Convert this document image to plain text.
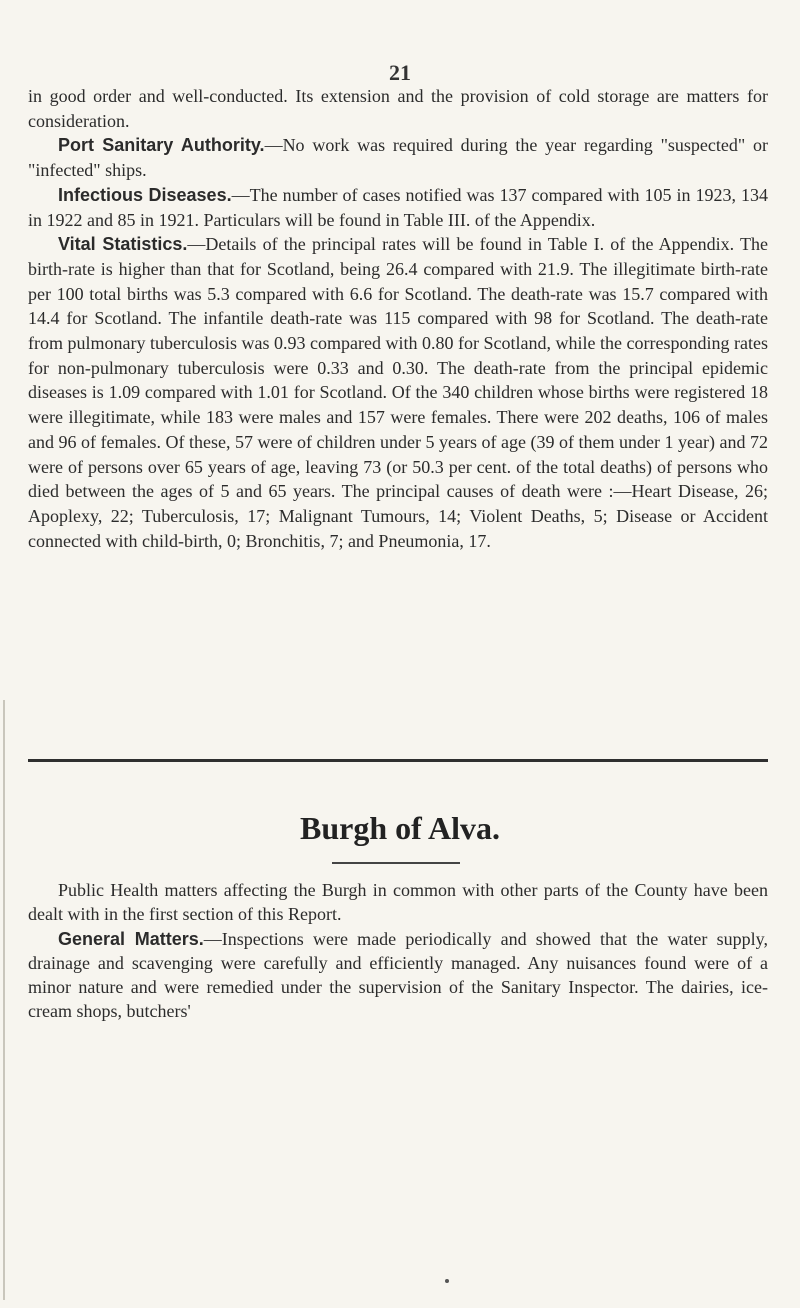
21

in good order and well-conducted. Its extension and the provision of cold storage are matters for consideration.

Port Sanitary Authority.—No work was required during the year regarding "suspected" or "infected" ships.

Infectious Diseases.—The number of cases notified was 137 compared with 105 in 1923, 134 in 1922 and 85 in 1921. Particulars will be found in Table III. of the Appendix.

Vital Statistics.—Details of the principal rates will be found in Table I. of the Appendix. The birth-rate is higher than that for Scotland, being 26.4 compared with 21.9. The illegitimate birth-rate per 100 total births was 5.3 compared with 6.6 for Scotland. The death-rate was 15.7 compared with 14.4 for Scotland. The infantile death-rate was 115 compared with 98 for Scotland. The death-rate from pulmonary tuberculosis was 0.93 compared with 0.80 for Scotland, while the corresponding rates for non-pulmonary tuberculosis were 0.33 and 0.30. The death-rate from the principal epidemic diseases is 1.09 compared with 1.01 for Scotland. Of the 340 children whose births were registered 18 were illegitimate, while 183 were males and 157 were females. There were 202 deaths, 106 of males and 96 of females. Of these, 57 were of children under 5 years of age (39 of them under 1 year) and 72 were of persons over 65 years of age, leaving 73 (or 50.3 per cent. of the total deaths) of persons who died between the ages of 5 and 65 years. The principal causes of death were :—Heart Disease, 26; Apoplexy, 22; Tuberculosis, 17; Malignant Tumours, 14; Violent Deaths, 5; Disease or Accident connected with child-birth, 0; Bronchitis, 7; and Pneumonia, 17.

Burgh of Alva.

Public Health matters affecting the Burgh in common with other parts of the County have been dealt with in the first section of this Report.

General Matters.—Inspections were made periodically and showed that the water supply, drainage and scavenging were carefully and efficiently managed. Any nuisances found were of a minor nature and were remedied under the supervision of the Sanitary Inspector. The dairies, ice-cream shops, butchers'
